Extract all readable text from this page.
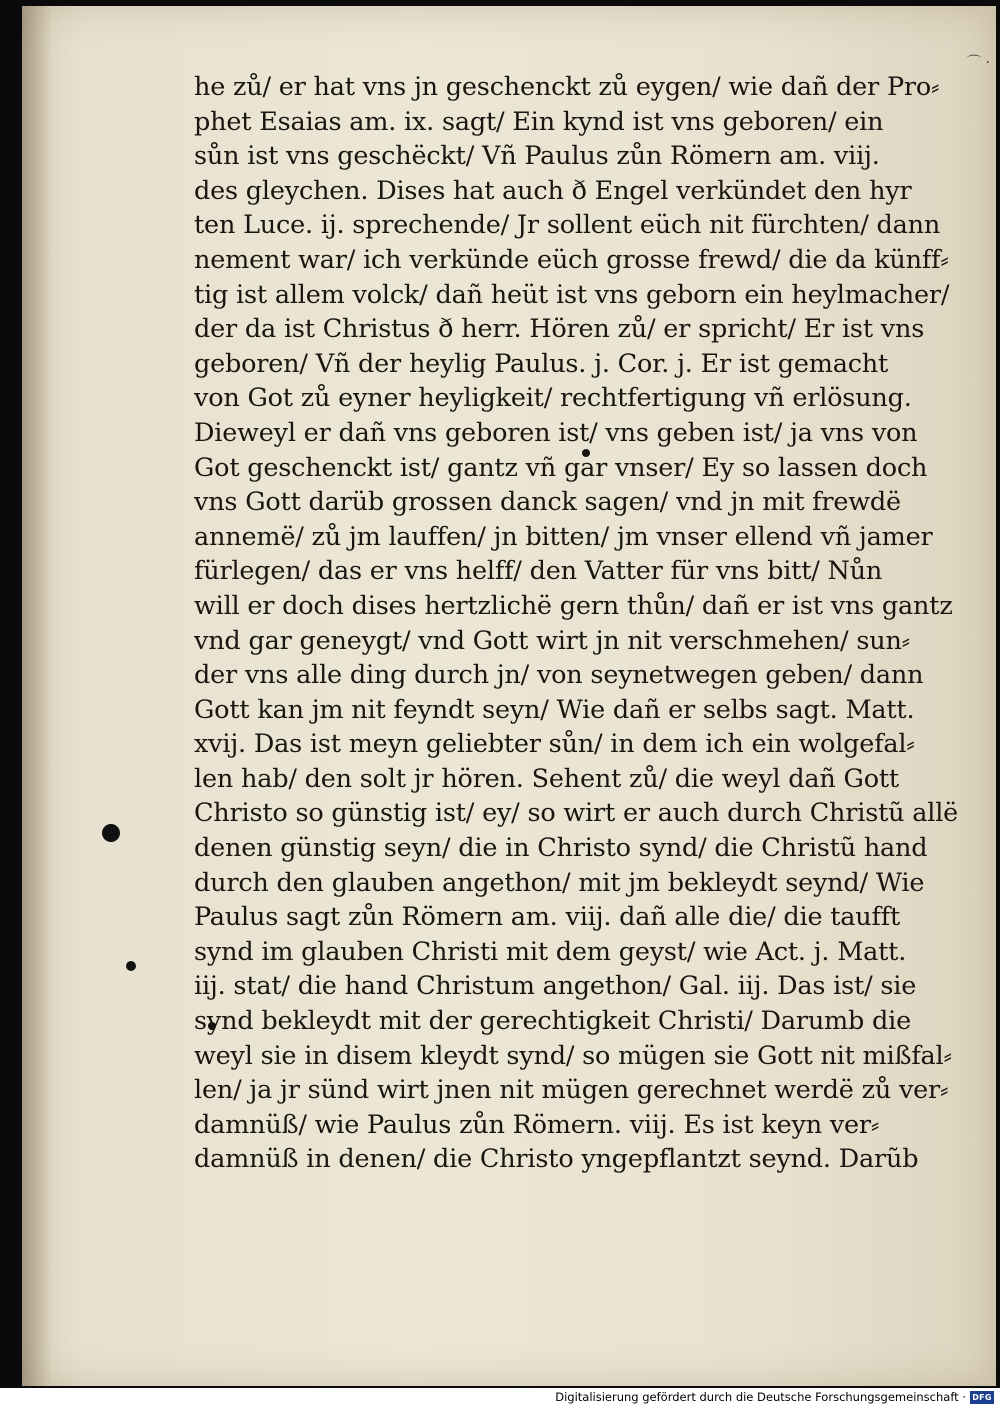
⌒ ·
he zů/ er hat vns jn geschenckt zů eygen/ wie dañ der Pro⸗
phet Esaias am. ix. sagt/ Ein kynd ist vns geboren/ ein
sůn ist vns geschëckt/ Vñ Paulus zůn Römern am. viij.
des gleychen. Dises hat auch ð Engel verkündet den hyr
ten Luce. ij. sprechende/ Jr sollent eüch nit fürchten/ dann
nement war/ ich verkünde eüch grosse frewd/ die da künff⸗
tig ist allem volck/ dañ heüt ist vns geborn ein heylmacher/
der da ist Christus ð herr. Hören zů/ er spricht/ Er ist vns
geboren/ Vñ der heylig Paulus. j. Cor. j. Er ist gemacht
von Got zů eyner heyligkeit/ rechtfertigung vñ erlösung.
Dieweyl er dañ vns geboren ist/ vns geben ist/ ja vns von
Got geschenckt ist/ gantz vñ gar vnser/ Ey so lassen doch
vns Gott darüb grossen danck sagen/ vnd jn mit frewdë
annemë/ zů jm lauffen/ jn bitten/ jm vnser ellend vñ jamer
fürlegen/ das er vns helff/ den Vatter für vns bitt/ Nůn
will er doch dises hertzlichë gern thůn/ dañ er ist vns gantz
vnd gar geneygt/ vnd Gott wirt jn nit verschmehen/ sun⸗
der vns alle ding durch jn/ von seynetwegen geben/ dann
Gott kan jm nit feyndt seyn/ Wie dañ er selbs sagt. Matt.
xvij. Das ist meyn geliebter sůn/ in dem ich ein wolgefal⸗
len hab/ den solt jr hören. Sehent zů/ die weyl dañ Gott
Christo so günstig ist/ ey/ so wirt er auch durch Christũ allë
denen günstig seyn/ die in Christo synd/ die Christũ hand
durch den glauben angethon/ mit jm bekleydt seynd/ Wie
Paulus sagt zůn Römern am. viij. dañ alle die/ die taufft
synd im glauben Christi mit dem geyst/ wie Act. j. Matt.
iij. stat/ die hand Christum angethon/ Gal. iij. Das ist/ sie
synd bekleydt mit der gerechtigkeit Christi/ Darumb die
weyl sie in disem kleydt synd/ so mügen sie Gott nit mißfal⸗
len/ ja jr sünd wirt jnen nit mügen gerechnet werdë zů ver⸗
damnüß/ wie Paulus zůn Römern. viij. Es ist keyn ver⸗
damnüß in denen/ die Christo yngepflantzt seynd. Darũb
Digitalisierung gefördert durch die Deutsche Forschungsgemeinschaft · DFG
